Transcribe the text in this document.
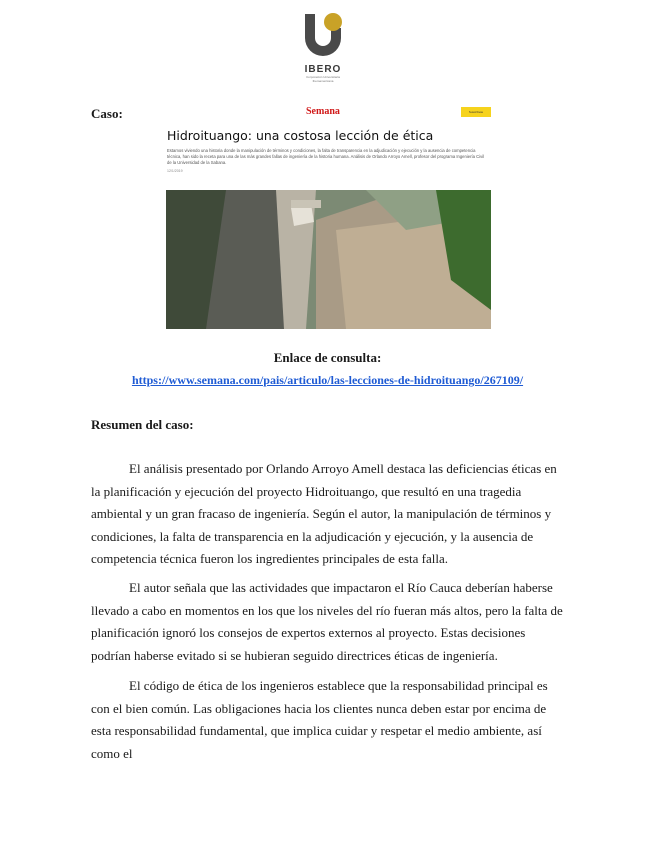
IBERO
Corporación Universitaria Iberoamericana
Caso:	Semana	Suscríbete
Hidroituango: una costosa lección de ética
Estamos viviendo una historia donde la manipulación de términos y condiciones, la falta de transparencia en la adjudicación y ejecución y la ausencia de competencia técnica, han sido la receta para una de las más grandes fallas de ingeniería de la historia humana. Análisis de Orlando Arroyo Amell, profesor del programa Ingeniería Civil de la Universidad de la Sabana.
12/1/2019
Enlace de consulta:
https://www.semana.com/pais/articulo/las-lecciones-de-hidroituango/267109/
Resumen del caso:

El análisis presentado por Orlando Arroyo Amell destaca las deficiencias éticas en la planificación y ejecución del proyecto Hidroituango, que resultó en una tragedia ambiental y un gran fracaso de ingeniería. Según el autor, la manipulación de términos y condiciones, la falta de transparencia en la adjudicación y ejecución, y la ausencia de competencia técnica fueron los ingredientes principales de esta falla.

El autor señala que las actividades que impactaron el Río Cauca deberían haberse llevado a cabo en momentos en los que los niveles del río fueran más altos, pero la falta de planificación ignoró los consejos de expertos externos al proyecto. Estas decisiones podrían haberse evitado si se hubieran seguido directrices éticas de ingeniería.

El código de ética de los ingenieros establece que la responsabilidad principal es con el bien común. Las obligaciones hacia los clientes nunca deben estar por encima de esta responsabilidad fundamental, que implica cuidar y respetar el medio ambiente, así como el
